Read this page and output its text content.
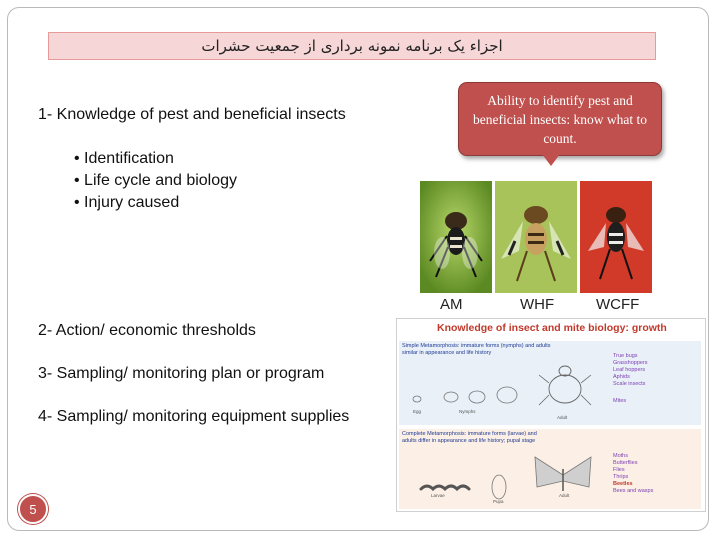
اجزاء یک برنامه نمونه برداری از جمعیت حشرات
1- Knowledge of pest and beneficial insects
• Identification
• Life cycle and biology
• Injury caused
2- Action/ economic thresholds
3- Sampling/ monitoring plan or program
4- Sampling/ monitoring equipment supplies
Ability to identify pest and beneficial insects: know what to count.
AM	WHF	WCFF
Knowledge of insect and mite biology: growth
Simple Metamorphosis: immature forms (nymphs) and adults similar in appearance and life history
Egg	Nymphs
Adult
True bugs
Grasshoppers
Leaf hoppers
Aphids
Scale insects
Mites
Complete Metamorphosis: immature forms (larvae) and adults differ in appearance and life history; pupal stage
Larvae
Pupa
Adult
Moths
Butterflies
Flies
Thrips
Beetles
Bees and wasps
5
